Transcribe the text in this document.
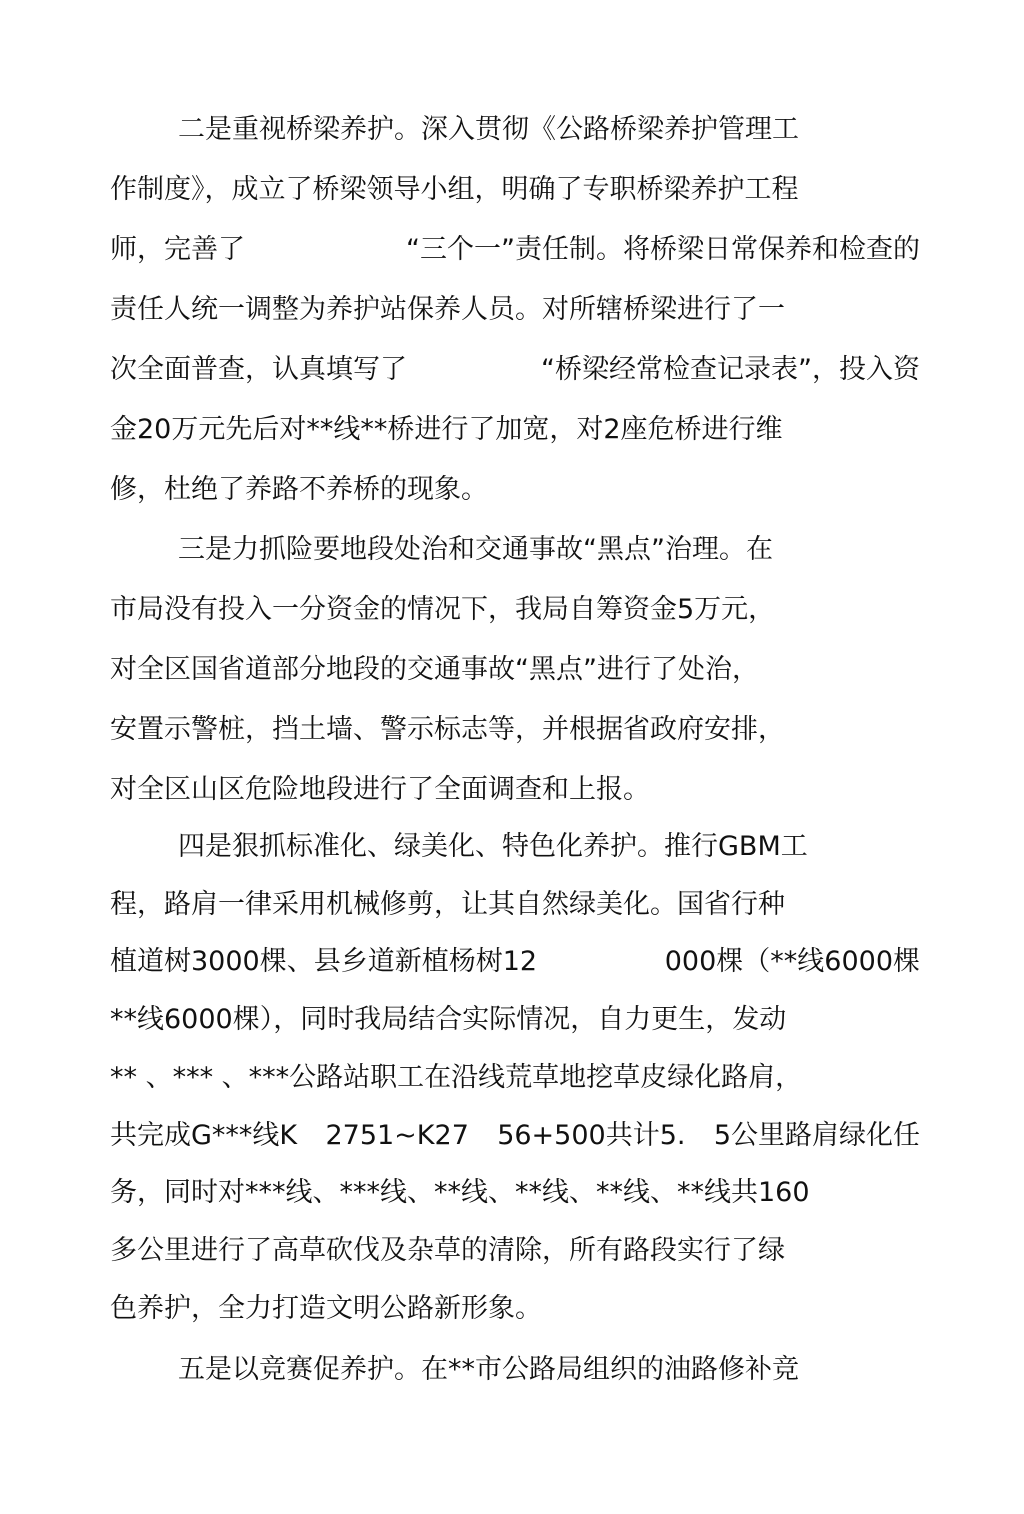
二是重视桥梁养护。深入贯彻《公路桥梁养护管理工
作制度》，成立了桥梁领导小组，明确了专职桥梁养护工程
师，完善了	“三个一”责任制。将桥梁日常保养和检查的
责任人统一调整为养护站保养人员。对所辖桥梁进行了一
次全面普查，认真填写了	“桥梁经常检查记录表”，投入资
金20万元先后对**线**桥进行了加宽，对2座危桥进行维
修，杜绝了养路不养桥的现象。
三是力抓险要地段处治和交通事故“黑点”治理。在
市局没有投入一分资金的情况下，我局自筹资金5万元，
对全区国省道部分地段的交通事故“黑点”进行了处治，
安置示警桩，挡土墙、警示标志等，并根据省政府安排，
对全区山区危险地段进行了全面调查和上报。
四是狠抓标准化、绿美化、特色化养护。推行GBM工
程，路肩一律采用机械修剪，让其自然绿美化。国省行种
植道树3000棵、县乡道新植杨树12	000棵（**线6000棵
**线6000棵），同时我局结合实际情况，自力更生，发动
** 、*** 、***公路站职工在沿线荒草地挖草皮绿化路肩，
共完成G***线K 2751~K27 56+500共计5. 5公里路肩绿化任
务，同时对***线、***线、**线、**线、**线、**线共160
多公里进行了高草砍伐及杂草的清除，所有路段实行了绿
色养护，全力打造文明公路新形象。
五是以竞赛促养护。在**市公路局组织的油路修补竞
